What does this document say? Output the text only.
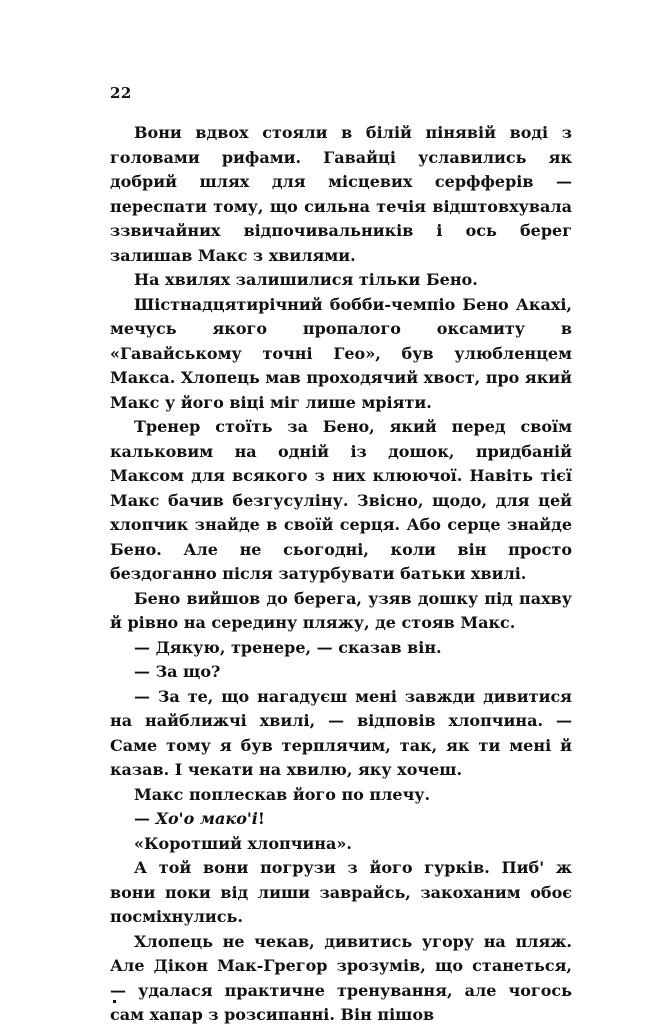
22

Вони вдвох стояли в білій пінявій воді з головами рифами. Гавайці уславились як добрий шлях для місцевих серфферів — переспати тому, що сильна течія відштовхувала ззвичайних відпочивальників і ось берег залишав Макс з хвилями.

На хвилях залишилися тільки Бено.

Шістнадцятирічний бобби-чемпіо Бено Акахі, мечусь якого пропалого оксамиту в «Гавайському точні Гео», був улюбленцем Макса. Хлопець мав проходячий хвост, про який Макс у його віці міг лише мріяти.

Тренер стоїть за Бено, який перед своїм кальковим на одній із дошок, придбаній Максом для всякого з них клюючої. Навіть тієї Макс бачив безгусуліну. Звісно, щодо, для цей хлопчик знайде в своїй серця. Або серце знайде Бено. Але не сьогодні, коли він просто бездоганно після затурбувати батьки хвилі.

Бено вийшов до берега, узяв дошку під пахву й рівно на середину пляжу, де стояв Макс.

— Дякую, тренере, — сказав він.

— За що?

— За те, що нагадуєш мені завжди дивитися на найближчі хвилі, — відповів хлопчина. — Саме тому я був терплячим, так, як ти мені й казав. І чекати на хвилю, яку хочеш.

Макс поплескав його по плечу.

— Хо'о мако'і!

«Коротший хлопчина».

А той вони погрузи з його гурків. Пиб' ж вони поки від лиши заврайсь, закоханим обоє посміхнулись.

Хлопець не чекав, дивитись угору на пляж. Але Дікон Мак-Грегор зрозумів, що станеться, — удалася практичне тренування, але чогось сам хапар з розсипанні. Він пішов
